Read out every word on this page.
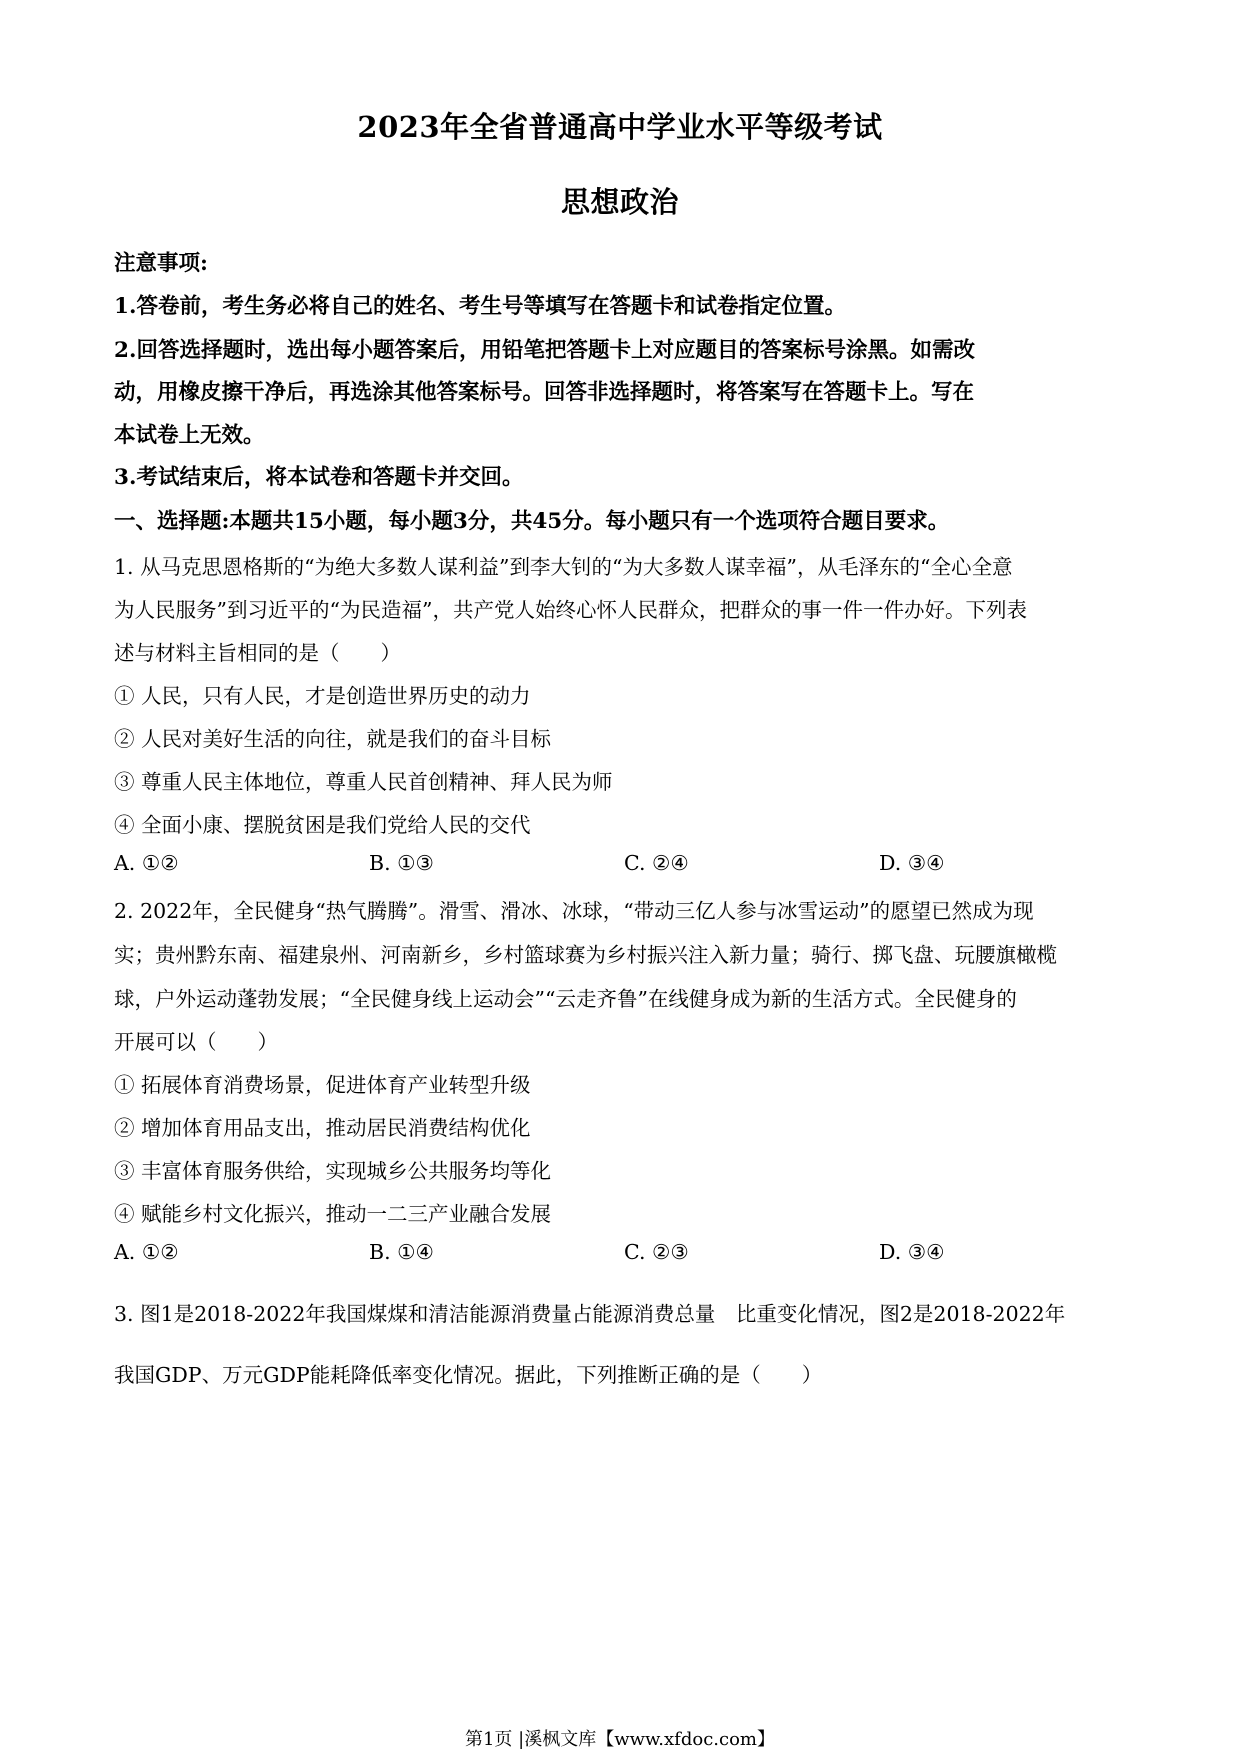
2023年全省普通高中学业水平等级考试
思想政治
注意事项:
1.答卷前，考生务必将自己的姓名、考生号等填写在答题卡和试卷指定位置。
2.回答选择题时，选出每小题答案后，用铅笔把答题卡上对应题目的答案标号涂黑。如需改
动，用橡皮擦干净后，再选涂其他答案标号。回答非选择题时，将答案写在答题卡上。写在
本试卷上无效。
3.考试结束后，将本试卷和答题卡并交回。
一、选择题:本题共15小题，每小题3分，共45分。每小题只有一个选项符合题目要求。
1. 从马克思恩格斯的“为绝大多数人谋利益”到李大钊的“为大多数人谋幸福”，从毛泽东的“全心全意
为人民服务”到习近平的“为民造福”，共产党人始终心怀人民群众，把群众的事一件一件办好。下列表
述与材料主旨相同的是（　　）
① 人民，只有人民，才是创造世界历史的动力
② 人民对美好生活的向往，就是我们的奋斗目标
③ 尊重人民主体地位，尊重人民首创精神、拜人民为师
④ 全面小康、摆脱贫困是我们党给人民的交代
A. ①②	B. ①③	C. ②④	D. ③④
2. 2022年，全民健身“热气腾腾”。滑雪、滑冰、冰球，“带动三亿人参与冰雪运动”的愿望已然成为现
实；贵州黔东南、福建泉州、河南新乡，乡村篮球赛为乡村振兴注入新力量；骑行、掷飞盘、玩腰旗橄榄
球，户外运动蓬勃发展；“全民健身线上运动会”“云走齐鲁”在线健身成为新的生活方式。全民健身的
开展可以（　　）
① 拓展体育消费场景，促进体育产业转型升级
② 增加体育用品支出，推动居民消费结构优化
③ 丰富体育服务供给，实现城乡公共服务均等化
④ 赋能乡村文化振兴，推动一二三产业融合发展
A. ①②	B. ①④	C. ②③	D. ③④
3. 图1是2018-2022年我国煤煤和清洁能源消费量占能源消费总量　比重变化情况，图2是2018-2022年
我国GDP、万元GDP能耗降低率变化情况。据此，下列推断正确的是（　　）
第1页 |溪枫文库【www.xfdoc.com】
